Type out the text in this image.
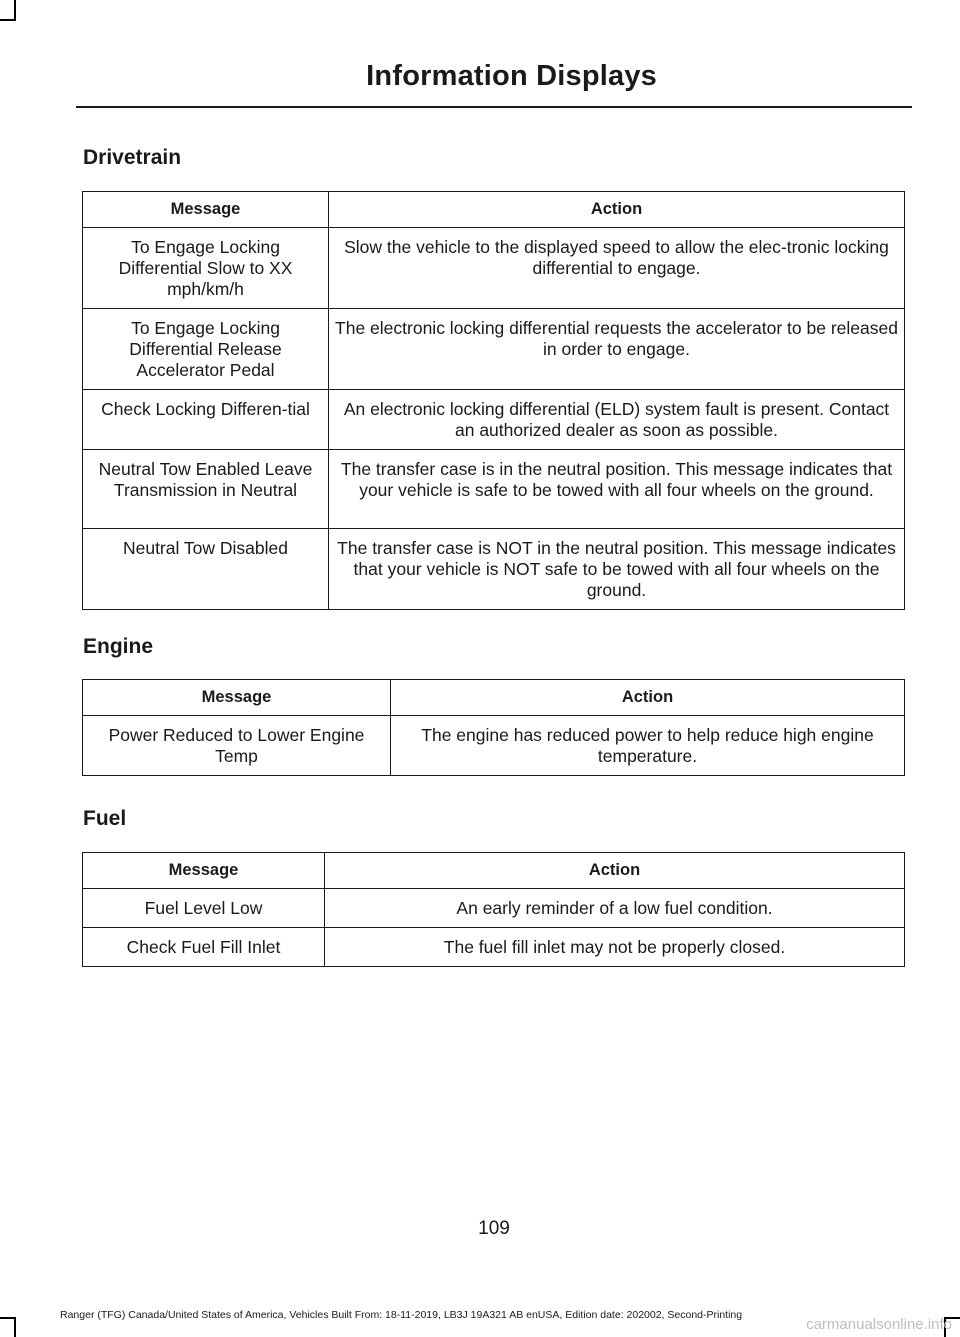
Information Displays
Drivetrain
Message	Action
To Engage Locking Differential Slow to XX mph/km/h	Slow the vehicle to the displayed speed to allow the elec-tronic locking differential to engage.
To Engage Locking Differential Release Accelerator Pedal	The electronic locking differential requests the accelerator to be released in order to engage.
Check Locking Differen-tial	An electronic locking differential (ELD) system fault is present. Contact an authorized dealer as soon as possible.
Neutral Tow Enabled Leave Transmission in Neutral	The transfer case is in the neutral position. This message indicates that your vehicle is safe to be towed with all four wheels on the ground.
Neutral Tow Disabled	The transfer case is NOT in the neutral position. This message indicates that your vehicle is NOT safe to be towed with all four wheels on the ground.
Engine
Message	Action
Power Reduced to Lower Engine Temp	The engine has reduced power to help reduce high engine temperature.
Fuel
Message	Action
Fuel Level Low	An early reminder of a low fuel condition.
Check Fuel Fill Inlet	The fuel fill inlet may not be properly closed.
109
Ranger (TFG) Canada/United States of America, Vehicles Built From: 18-11-2019, LB3J 19A321 AB enUSA, Edition date: 202002, Second-Printing
carmanualsonline.info
